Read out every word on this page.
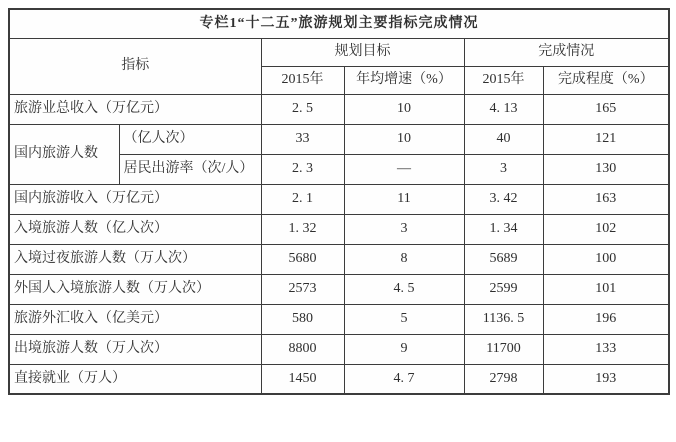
专栏1“十二五”旅游规划主要指标完成情况					
指标		规划目标		完成情况	
		2015年	年均增速（%）	2015年	完成程度（%）
旅游业总收入（万亿元）		2. 5	10	4. 13	165
国内旅游人数	（亿人次）	33	10	40	121
	居民出游率（次/人）	2. 3	—	3	130
国内旅游收入（万亿元）		2. 1	11	3. 42	163
入境旅游人数（亿人次）		1. 32	3	1. 34	102
入境过夜旅游人数（万人次）		5680	8	5689	100
外国人入境旅游人数（万人次）		2573	4. 5	2599	101
旅游外汇收入（亿美元）		580	5	1136. 5	196
出境旅游人数（万人次）		8800	9	11700	133
直接就业（万人）		1450	4. 7	2798	193
